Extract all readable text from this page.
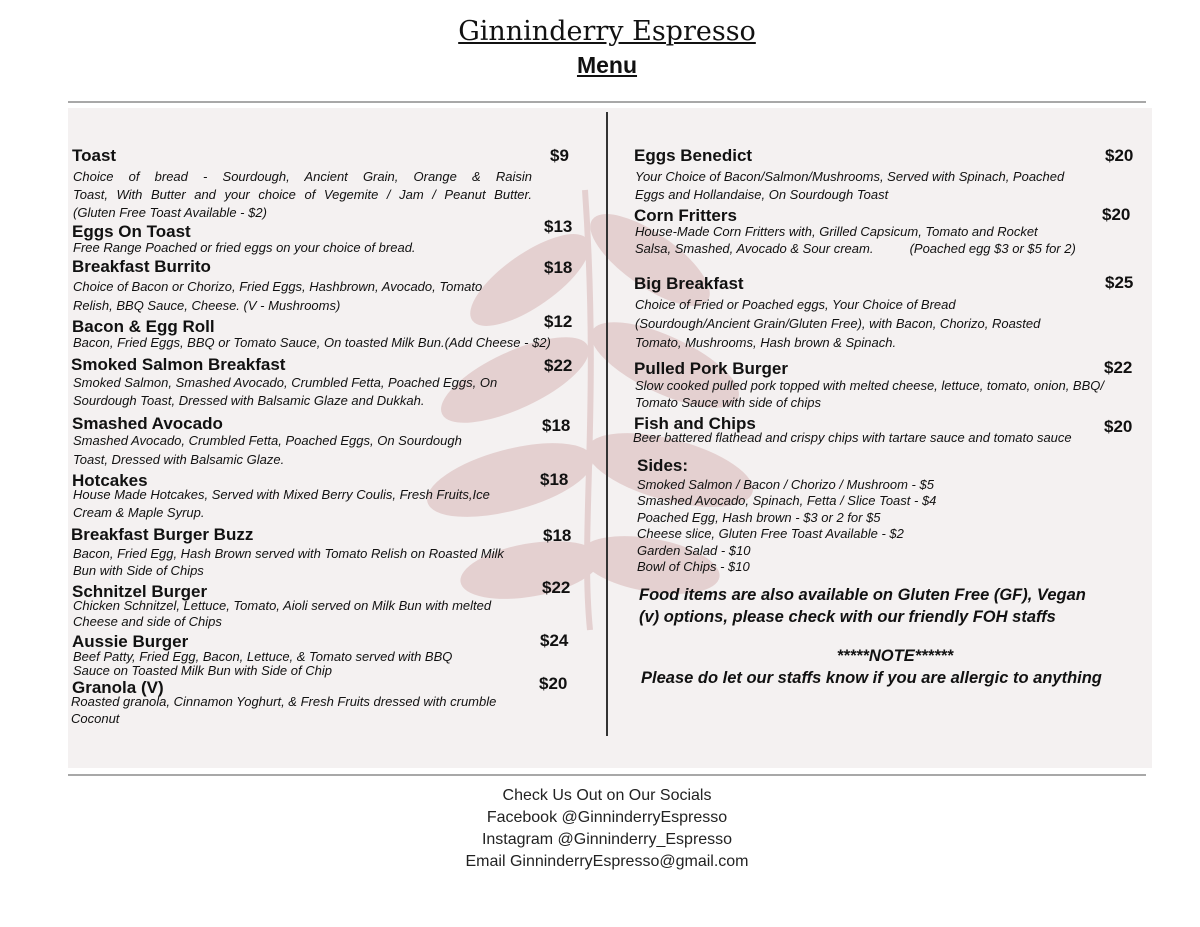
Ginninderry Espresso
Menu
Toast	$9
Choice of bread - Sourdough, Ancient Grain, Orange & Raisin
Toast, With Butter and your choice of Vegemite / Jam / Peanut Butter.
(Gluten Free Toast Available - $2)
Eggs On Toast	$13
Free Range Poached or fried eggs on your choice of bread.
Breakfast Burrito	$18
Choice of Bacon or Chorizo, Fried Eggs, Hashbrown, Avocado, Tomato
Relish, BBQ Sauce, Cheese. (V - Mushrooms)
Bacon & Egg Roll	$12
Bacon, Fried Eggs, BBQ or Tomato Sauce, On toasted Milk Bun.(Add Cheese - $2)
Smoked Salmon Breakfast	$22
Smoked Salmon, Smashed Avocado, Crumbled Fetta, Poached Eggs, On
Sourdough Toast, Dressed with Balsamic Glaze and Dukkah.
Smashed Avocado	$18
Smashed Avocado, Crumbled Fetta, Poached Eggs, On Sourdough
Toast, Dressed with Balsamic Glaze.
Hotcakes	$18
House Made Hotcakes, Served with Mixed Berry Coulis, Fresh Fruits,Ice
Cream & Maple Syrup.
Breakfast Burger Buzz	$18
Bacon, Fried Egg, Hash Brown served with Tomato Relish on Roasted Milk
Bun with Side of Chips
Schnitzel Burger	$22
Chicken Schnitzel, Lettuce, Tomato, Aioli served on Milk Bun with melted
Cheese and side of Chips
Aussie Burger	$24
Beef Patty, Fried Egg, Bacon, Lettuce, & Tomato served with BBQ
Sauce on Toasted Milk Bun with Side of Chip
Granola (V)	$20
Roasted granola, Cinnamon Yoghurt, & Fresh Fruits dressed with crumble
Coconut
Eggs Benedict	$20
Your Choice of Bacon/Salmon/Mushrooms, Served with Spinach, Poached
Eggs and Hollandaise, On Sourdough Toast
Corn Fritters	$20
House-Made Corn Fritters with, Grilled Capsicum, Tomato and Rocket
Salsa, Smashed, Avocado & Sour cream.          (Poached egg $3 or $5 for 2)
Big Breakfast	$25
Choice of Fried or Poached eggs, Your Choice of Bread
(Sourdough/Ancient Grain/Gluten Free), with Bacon, Chorizo, Roasted
Tomato, Mushrooms, Hash brown & Spinach.
Pulled Pork Burger	$22
Slow cooked pulled pork topped with melted cheese, lettuce, tomato, onion, BBQ/
Tomato Sauce with side of chips
Fish and Chips	$20
Beer battered flathead and crispy chips with tartare sauce and tomato sauce
Sides:
Smoked Salmon / Bacon / Chorizo / Mushroom - $5
Smashed Avocado, Spinach, Fetta / Slice Toast - $4
Poached Egg, Hash brown - $3 or 2 for $5
Cheese slice, Gluten Free Toast Available - $2
Garden Salad - $10
Bowl of Chips - $10
Food items are also available on Gluten Free (GF), Vegan
(v) options, please check with our friendly FOH staffs
*****NOTE******
Please do let our staffs know if you are allergic to anything
Check Us Out on Our Socials
Facebook @GinninderryEspresso
Instagram @Ginninderry_Espresso
Email GinninderryEspresso@gmail.com
